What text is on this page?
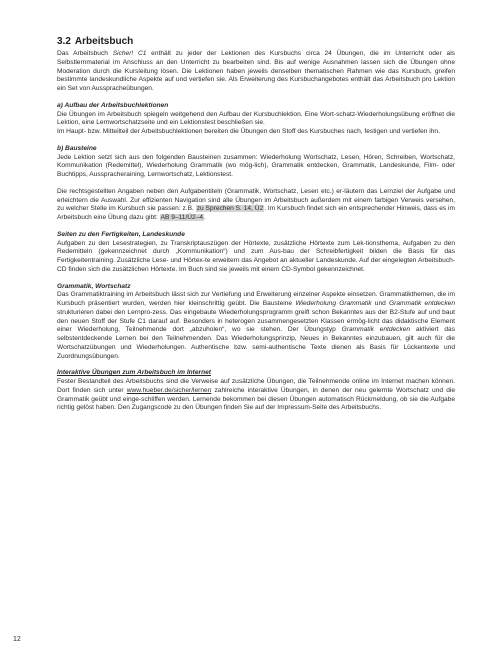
3.2 Arbeitsbuch

Das Arbeitsbuch Sicher! C1 enthält zu jeder der Lektionen des Kursbuchs circa 24 Übungen, die im Unterricht oder als Selbstlernmaterial im Anschluss an den Unterricht zu bearbeiten sind. Bis auf wenige Ausnahmen lassen sich die Übungen ohne Moderation durch die Kursleitung lösen. Die Lektionen haben jeweils denselben thematischen Rahmen wie das Kursbuch, greifen bestimmte landeskundliche Aspekte auf und vertiefen sie. Als Erweiterung des Kursbuchangebotes enthält das Arbeitsbuch pro Lektion ein Set von Ausspracheübungen.

a) Aufbau der Arbeitsbuchlektionen

Die Übungen im Arbeitsbuch spiegeln weitgehend den Aufbau der Kursbuchlektion. Eine Wort-schatz-Wiederholungsübung eröffnet die Lektion, eine Lernwortschatzseite und ein Lektionstest beschließen sie.

Im Haupt- bzw. Mitteilteil der Arbeitsbuchlektionen bereiten die Übungen den Stoff des Kursbuches nach, festigen und vertiefen ihn.

b) Bausteine

Jede Lektion setzt sich aus den folgenden Bausteinen zusammen: Wiederholung Wortschatz, Lesen, Hören, Schreiben, Wortschatz, Kommunikation (Redemittel), Wiederholung Grammatik (wo mög-lich), Grammatik entdecken, Grammatik, Landeskunde, Film- oder Buchtipps, Ausspracheraining, Lernwortschatz, Lektionstest.

Die rechtsgestellten Angaben neben den Aufgabentiteln (Grammatik, Wortschatz, Lesen etc.) er-läutern das Lernziel der Aufgabe und erleichtern die Auswahl. Zur effizienten Navigation sind alle Übungen im Arbeitsbuch außerdem mit einem farbigen Verweis versehen, zu welcher Stelle im Kursbuch sie passen: z.B. zu Sprechen S. 14, Ü2. Im Kursbuch findet sich ein entsprechender Hinweis, dass es im Arbeitsbuch eine Übung dazu gibt: AB 9–11/Ü2–4.

Seiten zu den Fertigkeiten, Landeskunde

Aufgaben zu den Lesestrategien, zu Transkriptauszügen der Hörtexte, zusätzliche Hörtexte zum Lek-tionsthema, Aufgaben zu den Redemitteln (gekennzeichnet durch „Kommunikation“) und zum Aus-bau der Schreibfertigkeit bilden die Basis für das Fertigkeitentraining. Zusätzliche Lese- und Hörtex-te erweitern das Angebot an aktueller Landeskunde. Auf der eingelegten Arbeitsbuch-CD finden sich die zusätzlichen Hörtexte. Im Buch sind sie jeweils mit einem CD-Symbol gekennzeichnet.

Grammatik, Wortschatz

Das Grammatiktraining im Arbeitsbuch lässt sich zur Vertiefung und Erweiterung einzelner Aspekte einsetzen. Grammatikthemen, die im Kursbuch präsentiert wurden, werden hier kleinschrittig geübt. Die Bausteine Wiederholung Grammatik und Grammatik entdecken strukturieren dabei den Lernpro-zess. Das eingebaute Wiederholungsprogramm greift schon Bekanntes aus der B2-Stufe auf und baut den neuen Stoff der Stufe C1 darauf auf. Besonders in heterogen zusammengesetzten Klassen ermög-licht das didaktische Element einer Wiederholung, Teilnehmende dort „abzuholen“, wo sie stehen. Der Übungstyp Grammatik entdecken aktiviert das selbstentdeckende Lernen bei den Teilnehmenden. Das Wiederholungsprinzip, Neues in Bekanntes einzubauen, gilt auch für die Wortschatzübungen und Wiederholungen. Authentische bzw. semi-authentische Texte dienen als Basis für Lückentexte und Zuordnungsübungen.

Interaktive Übungen zum Arbeitsbuch im Internet

Fester Bestandteil des Arbeitsbuchs sind die Verweise auf zusätzliche Übungen, die Teilnehmende online im Internet machen können. Dort finden sich unter www.hueber.de/sicher/lernen zahlreiche interaktive Übungen, in denen der neu gelernte Wortschatz und die Grammatik geübt und einge-schliffen werden. Lernende bekommen bei diesen Übungen automatisch Rückmeldung, ob sie die Aufgabe richtig gelöst haben. Den Zugangscode zu den Übungen finden Sie auf der Impressum-Seite des Arbeitsbuchs.

12
